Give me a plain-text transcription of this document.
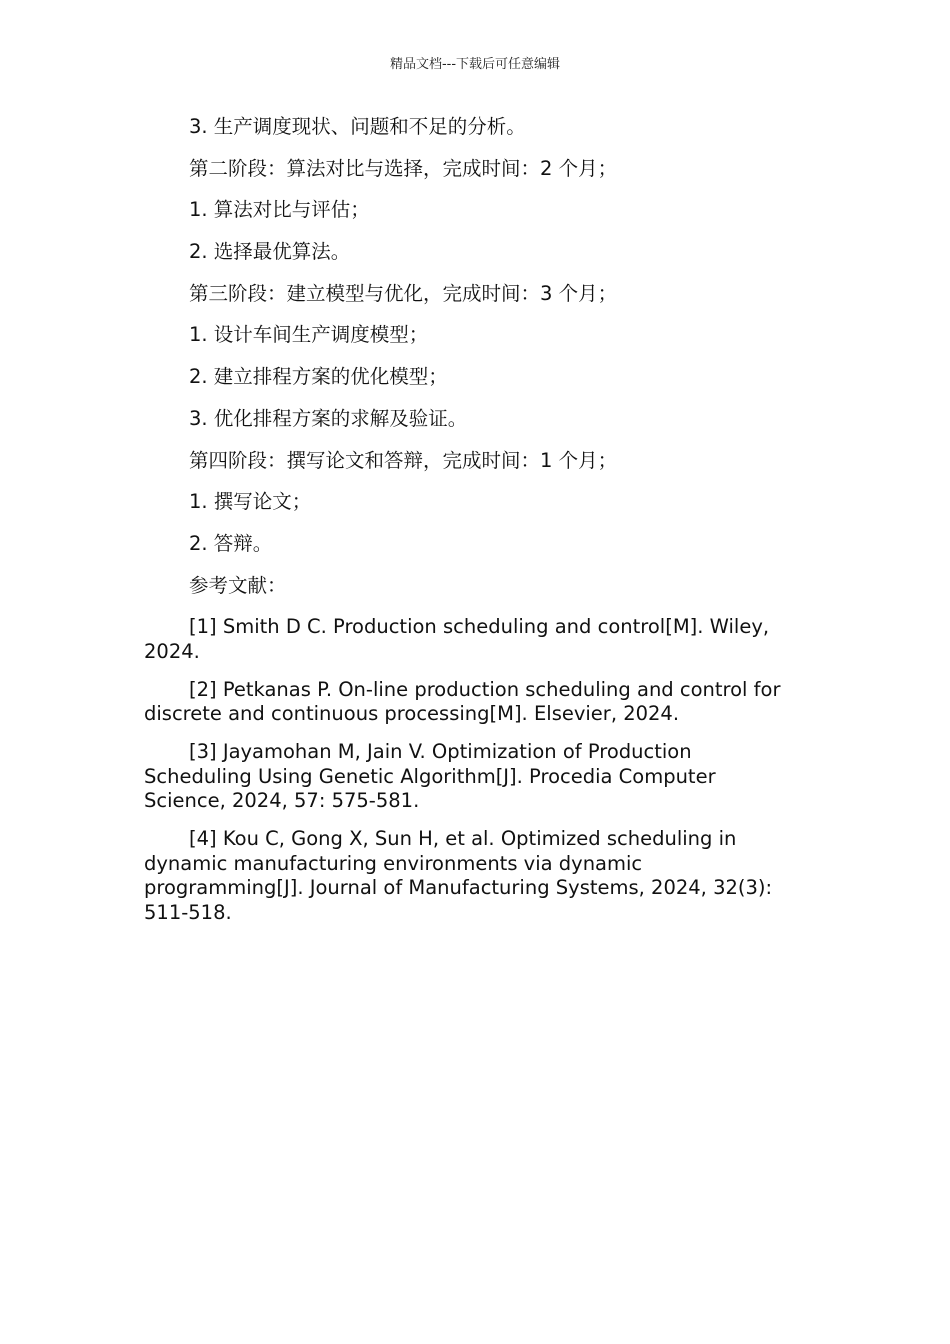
精品文档---下载后可任意编辑

3. 生产调度现状、问题和不足的分析。

第二阶段：算法对比与选择，完成时间：2 个月；

1. 算法对比与评估；

2. 选择最优算法。

第三阶段：建立模型与优化，完成时间：3 个月；

1. 设计车间生产调度模型；

2. 建立排程方案的优化模型；

3. 优化排程方案的求解及验证。

第四阶段：撰写论文和答辩，完成时间：1 个月；

1. 撰写论文；

2. 答辩。

参考文献：

[1] Smith D C. Production scheduling and control[M]. Wiley, 2024.

[2] Petkanas P. On-line production scheduling and control for discrete and continuous processing[M]. Elsevier, 2024.

[3] Jayamohan M, Jain V. Optimization of Production Scheduling Using Genetic Algorithm[J]. Procedia Computer Science, 2024, 57: 575-581.

[4] Kou C, Gong X, Sun H, et al. Optimized scheduling in dynamic manufacturing environments via dynamic programming[J]. Journal of Manufacturing Systems, 2024, 32(3): 511-518.
